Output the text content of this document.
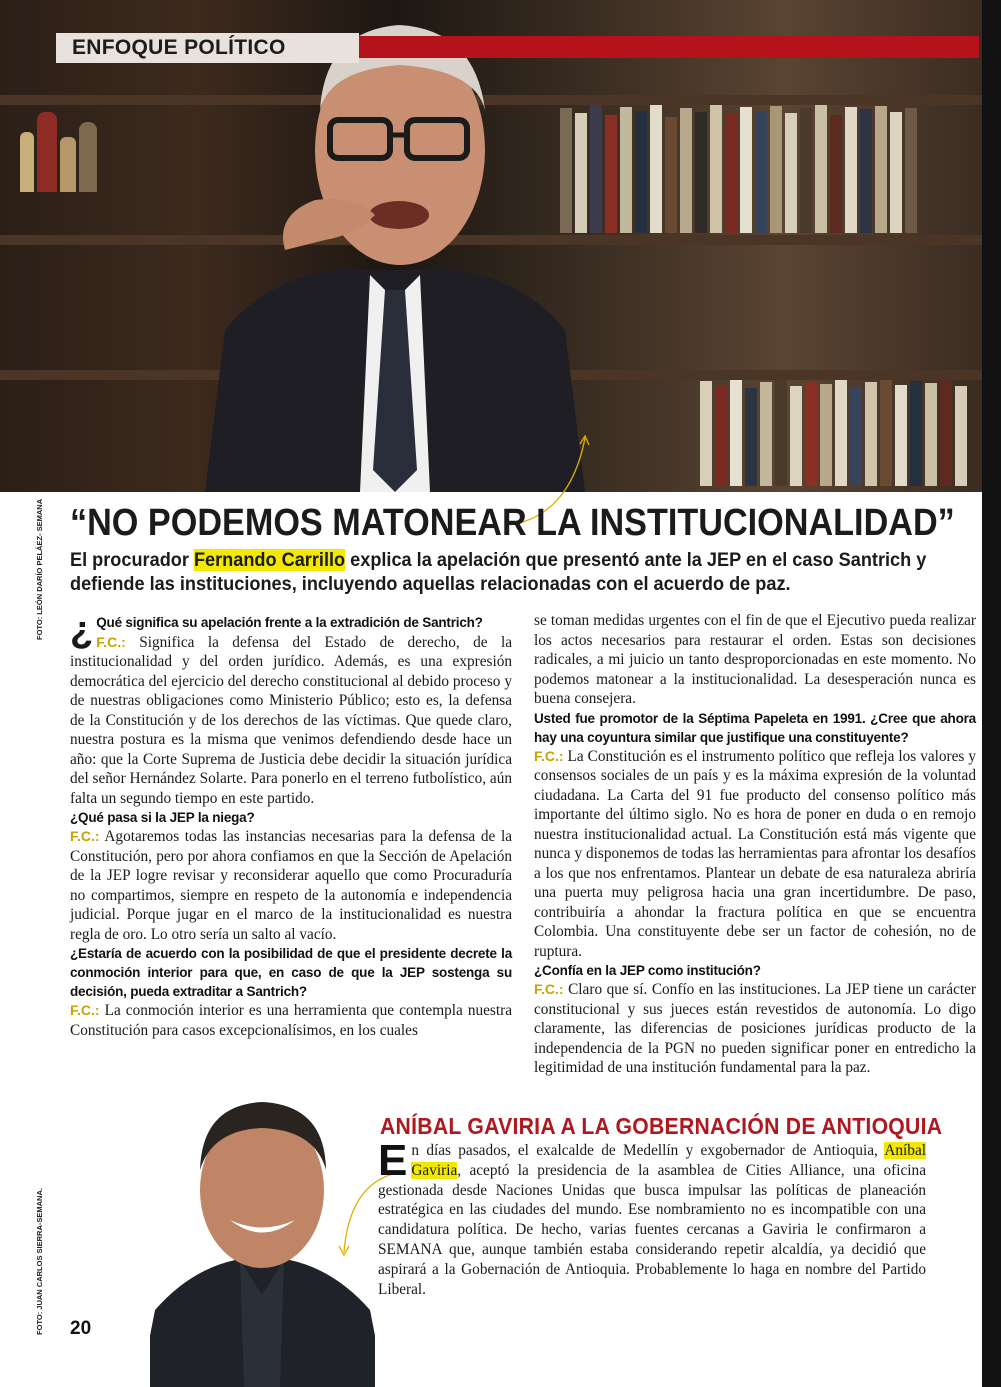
ENFOQUE POLÍTICO
FOTO: LEÓN DARÍO PELÁEZ- SEMANA
FOTO: JUAN CARLOS SIERRA-SEMANA.
“NO PODEMOS MATONEAR LA INSTITUCIONALIDAD”
El procurador Fernando Carrillo explica la apelación que presentó ante la JEP en el caso Santrich y defiende las instituciones, incluyendo aquellas relacionadas con el acuerdo de paz.

¿ Qué significa su apelación frente a la extradición de Santrich?
F.C.: Significa la defensa del Estado de derecho, de la institucionalidad y del orden jurídico. Además, es una expresión democrática del ejercicio del derecho constitucional al debido proceso y de nuestras obligaciones como Ministerio Público; esto es, la defensa de la Constitución y de los derechos de las víctimas. Que quede claro, nuestra postura es la misma que venimos defendiendo desde hace un año: que la Corte Suprema de Justicia debe decidir la situación jurídica del señor Hernández Solarte. Para ponerlo en el terreno futbolístico, aún falta un segundo tiempo en este partido.

¿Qué pasa si la JEP la niega?

F.C.: Agotaremos todas las instancias necesarias para la defensa de la Constitución, pero por ahora confiamos en que la Sección de Apelación de la JEP logre revisar y reconsiderar aquello que como Procuraduría no compartimos, siempre en respeto de la autonomía e independencia judicial. Porque jugar en el marco de la institucionalidad es nuestra regla de oro. Lo otro sería un salto al vacío.

¿Estaría de acuerdo con la posibilidad de que el presidente decrete la conmoción interior para que, en caso de que la JEP sostenga su decisión, pueda extraditar a Santrich?

F.C.: La conmoción interior es una herramienta que contempla nuestra Constitución para casos excepcionalísimos, en los cuales

se toman medidas urgentes con el fin de que el Ejecutivo pueda realizar los actos necesarios para restaurar el orden. Estas son decisiones radicales, a mi juicio un tanto desproporcionadas en este momento. No podemos matonear a la institucionalidad. La desesperación nunca es buena consejera.

Usted fue promotor de la Séptima Papeleta en 1991. ¿Cree que ahora hay una coyuntura similar que justifique una constituyente?

F.C.: La Constitución es el instrumento político que refleja los valores y consensos sociales de un país y es la máxima expresión de la voluntad ciudadana. La Carta del 91 fue producto del consenso político más importante del último siglo. No es hora de poner en duda o en remojo nuestra institucionalidad actual. La Constitución está más vigente que nunca y disponemos de todas las herramientas para afrontar los desafíos a los que nos enfrentamos. Plantear un debate de esa naturaleza abriría una puerta muy peligrosa hacia una gran incertidumbre. De paso, contribuiría a ahondar la fractura política en que se encuentra Colombia. Una constituyente debe ser un factor de cohesión, no de ruptura.

¿Confía en la JEP como institución?

F.C.: Claro que sí. Confío en las instituciones. La JEP tiene un carácter constitucional y sus jueces están revestidos de autonomía. Lo digo claramente, las diferencias de posiciones jurídicas producto de la independencia de la PGN no pueden significar poner en entredicho la legitimidad de una institución fundamental para la paz.

ANÍBAL GAVIRIA A LA GOBERNACIÓN DE ANTIOQUIA
En días pasados, el exalcalde de Medellín y exgobernador de Antioquia, Aníbal Gaviria, aceptó la presidencia de la asamblea de Cities Alliance, una oficina gestionada desde Naciones Unidas que busca impulsar las políticas de planeación estratégica en las ciudades del mundo. Ese nombramiento no es incompatible con una candidatura política. De hecho, varias fuentes cercanas a Gaviria le confirmaron a SEMANA que, aunque también estaba considerando repetir alcaldía, ya decidió que aspirará a la Gobernación de Antioquia. Probablemente lo haga en nombre del Partido Liberal.
20
